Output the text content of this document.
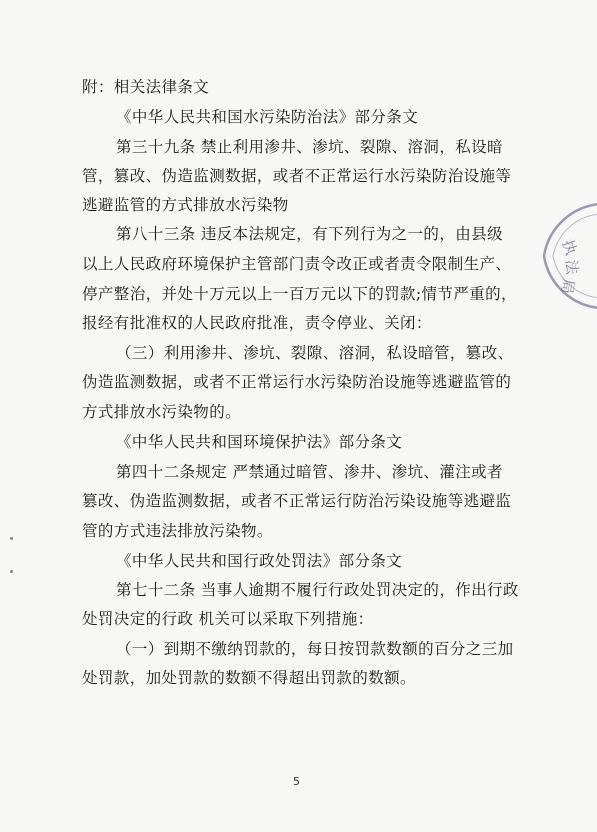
附：相关法律条文
《中华人民共和国水污染防治法》部分条文
第三十九条 禁止利用渗井、渗坑、裂隙、溶洞，私设暗
管，篡改、伪造监测数据，或者不正常运行水污染防治设施等
逃避监管的方式排放水污染物
第八十三条 违反本法规定，有下列行为之一的，由县级
以上人民政府环境保护主管部门责令改正或者责令限制生产、
停产整治，并处十万元以上一百万元以下的罚款;情节严重的，
报经有批准权的人民政府批准，责令停业、关闭：
（三）利用渗井、渗坑、裂隙、溶洞，私设暗管，篡改、
伪造监测数据，或者不正常运行水污染防治设施等逃避监管的
方式排放水污染物的。
《中华人民共和国环境保护法》部分条文
第四十二条规定 严禁通过暗管、渗井、渗坑、灌注或者
篡改、伪造监测数据，或者不正常运行防治污染设施等逃避监
管的方式违法排放污染物。
《中华人民共和国行政处罚法》部分条文
第七十二条 当事人逾期不履行行政处罚决定的，作出行政
处罚决定的行政 机关可以采取下列措施：
（一）到期不缴纳罚款的，每日按罚款数额的百分之三加
处罚款，加处罚款的数额不得超出罚款的数额。
执
法
局
5
